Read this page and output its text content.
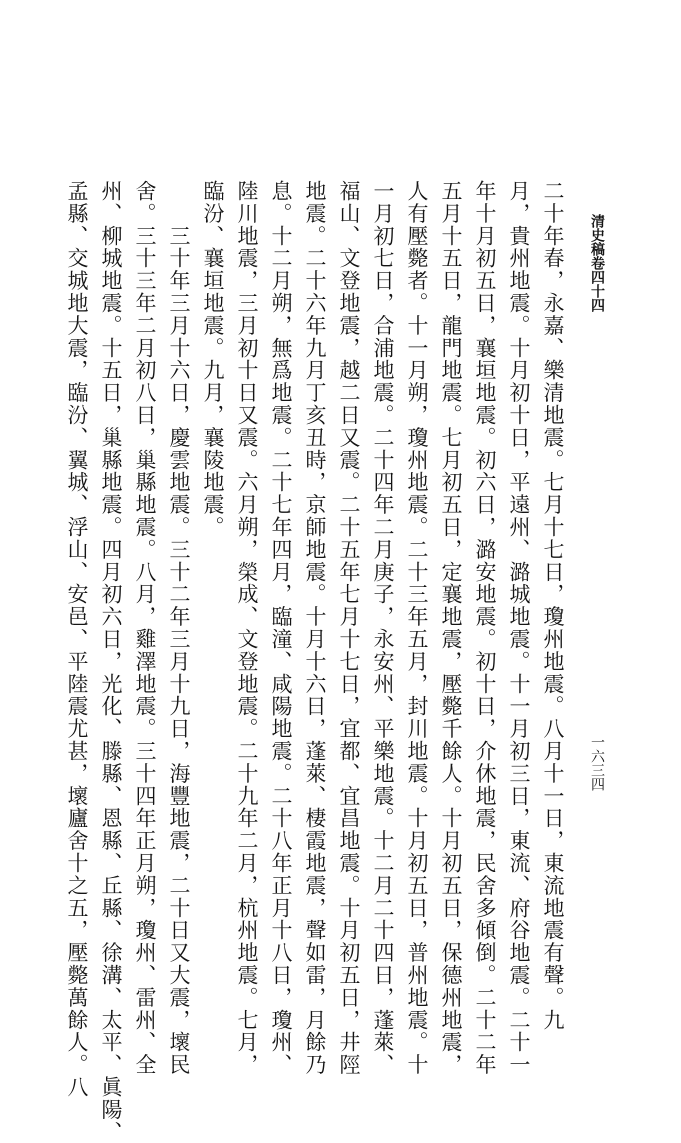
清史稿卷四十四
一六三四
二十年春，永嘉、樂清地震。七月十七日，瓊州地震。八月十一日，東流地震有聲。九
月，貴州地震。十月初十日，平遠州、潞城地震。十一月初三日，東流、府谷地震。二十一
年十月初五日，襄垣地震。初六日，潞安地震。初十日，介休地震，民舍多傾倒。二十二年
五月十五日，龍門地震。七月初五日，定襄地震，壓斃千餘人。十月初五日，保德州地震，
人有壓斃者。十一月朔，瓊州地震。二十三年五月，封川地震。十月初五日，普州地震。十
一月初七日，合浦地震。二十四年二月庚子，永安州、平樂地震。十二月二十四日，蓬萊、
福山、文登地震，越二日又震。二十五年七月十七日，宜都、宜昌地震。十月初五日，井陘
地震。二十六年九月丁亥丑時，京師地震。十月十六日，蓬萊、棲霞地震，聲如雷，月餘乃
息。十二月朔，無爲地震。二十七年四月，臨潼、咸陽地震。二十八年正月十八日，瓊州、
陸川地震，三月初十日又震。六月朔，榮成、文登地震。二十九年二月，杭州地震。七月，
臨汾、襄垣地震。九月，襄陵地震。
　　三十年三月十六日，慶雲地震。三十二年三月十九日，海豐地震，二十日又大震，壞民
舍。三十三年二月初八日，巢縣地震。八月，雞澤地震。三十四年正月朔，瓊州、雷州、全
州、柳城地震。十五日，巢縣地震。四月初六日，光化、滕縣、恩縣、丘縣、徐溝、太平、眞陽、
孟縣、交城地大震，臨汾、翼城、浮山、安邑、平陸震尤甚，壞廬舍十之五，壓斃萬餘人。八
